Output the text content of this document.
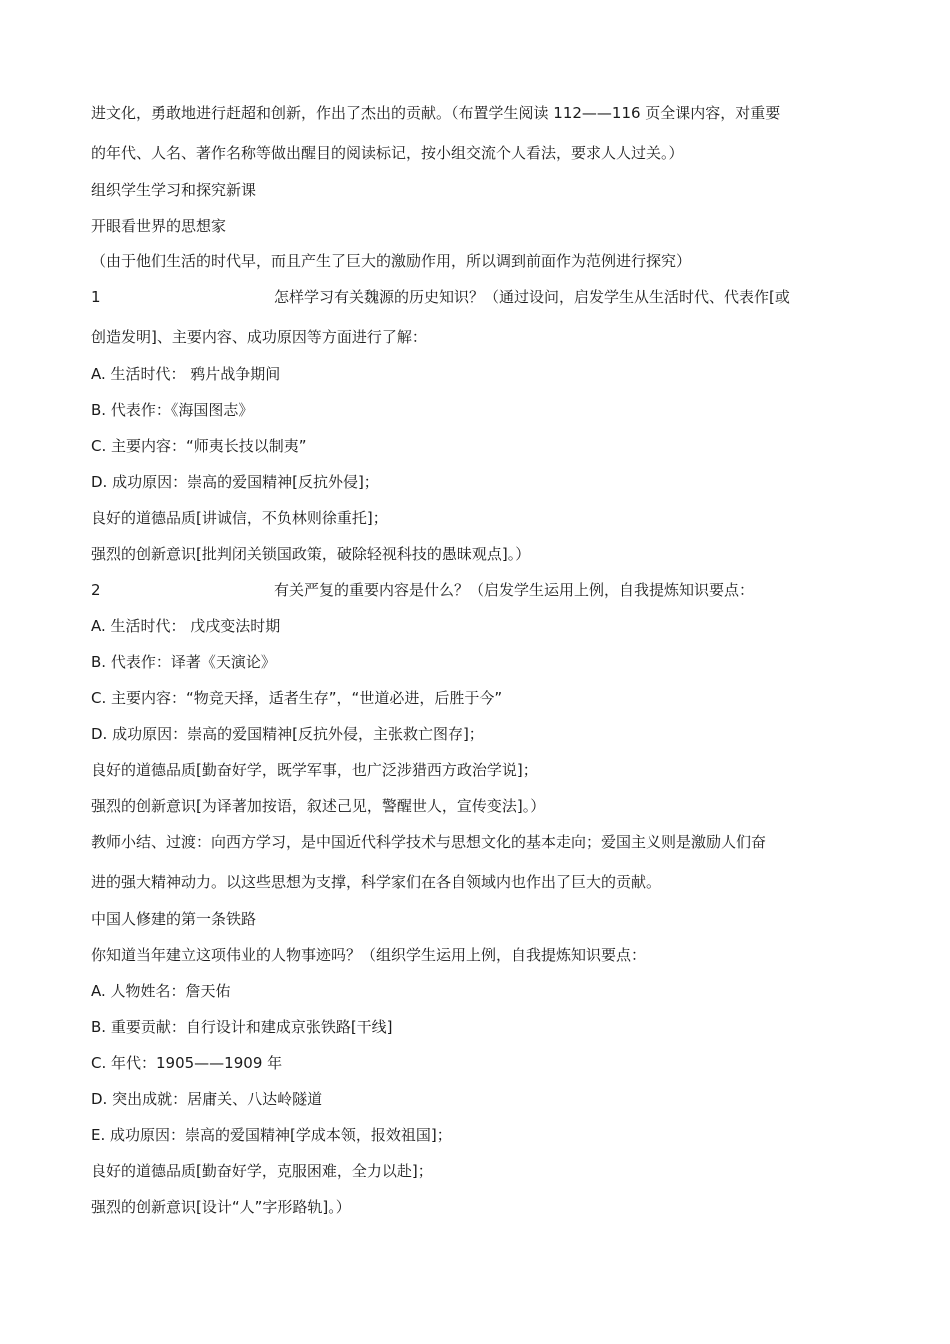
进文化，勇敢地进行赶超和创新，作出了杰出的贡献。（布置学生阅读 112——116 页全课内容，对重要
的年代、人名、著作名称等做出醒目的阅读标记，按小组交流个人看法，要求人人过关。）
组织学生学习和探究新课
开眼看世界的思想家
（由于他们生活的时代早，而且产生了巨大的激励作用，所以调到前面作为范例进行探究）
1	怎样学习有关魏源的历史知识？（通过设问，启发学生从生活时代、代表作[或
创造发明]、主要内容、成功原因等方面进行了解：
A. 生活时代： 鸦片战争期间
B. 代表作：《海国图志》
C. 主要内容：“师夷长技以制夷”
D. 成功原因：崇高的爱国精神[反抗外侵]；
良好的道德品质[讲诚信，不负林则徐重托]；
强烈的创新意识[批判闭关锁国政策，破除轻视科技的愚昧观点]。）
2	有关严复的重要内容是什么？（启发学生运用上例，自我提炼知识要点：
A. 生活时代： 戊戌变法时期
B. 代表作：译著《天演论》
C. 主要内容：“物竞天择，适者生存”，“世道必进，后胜于今”
D. 成功原因：崇高的爱国精神[反抗外侵，主张救亡图存]；
良好的道德品质[勤奋好学，既学军事，也广泛涉猎西方政治学说]；
强烈的创新意识[为译著加按语，叙述己见，警醒世人，宣传变法]。）
教师小结、过渡：向西方学习，是中国近代科学技术与思想文化的基本走向；爱国主义则是激励人们奋
进的强大精神动力。以这些思想为支撑，科学家们在各自领域内也作出了巨大的贡献。
中国人修建的第一条铁路
你知道当年建立这项伟业的人物事迹吗？（组织学生运用上例，自我提炼知识要点：
A. 人物姓名：詹天佑
B. 重要贡献：自行设计和建成京张铁路[干线]
C. 年代：1905——1909 年
D. 突出成就：居庸关、八达岭隧道
E. 成功原因：崇高的爱国精神[学成本领，报效祖国]；
良好的道德品质[勤奋好学，克服困难，全力以赴]；
强烈的创新意识[设计“人”字形路轨]。）
